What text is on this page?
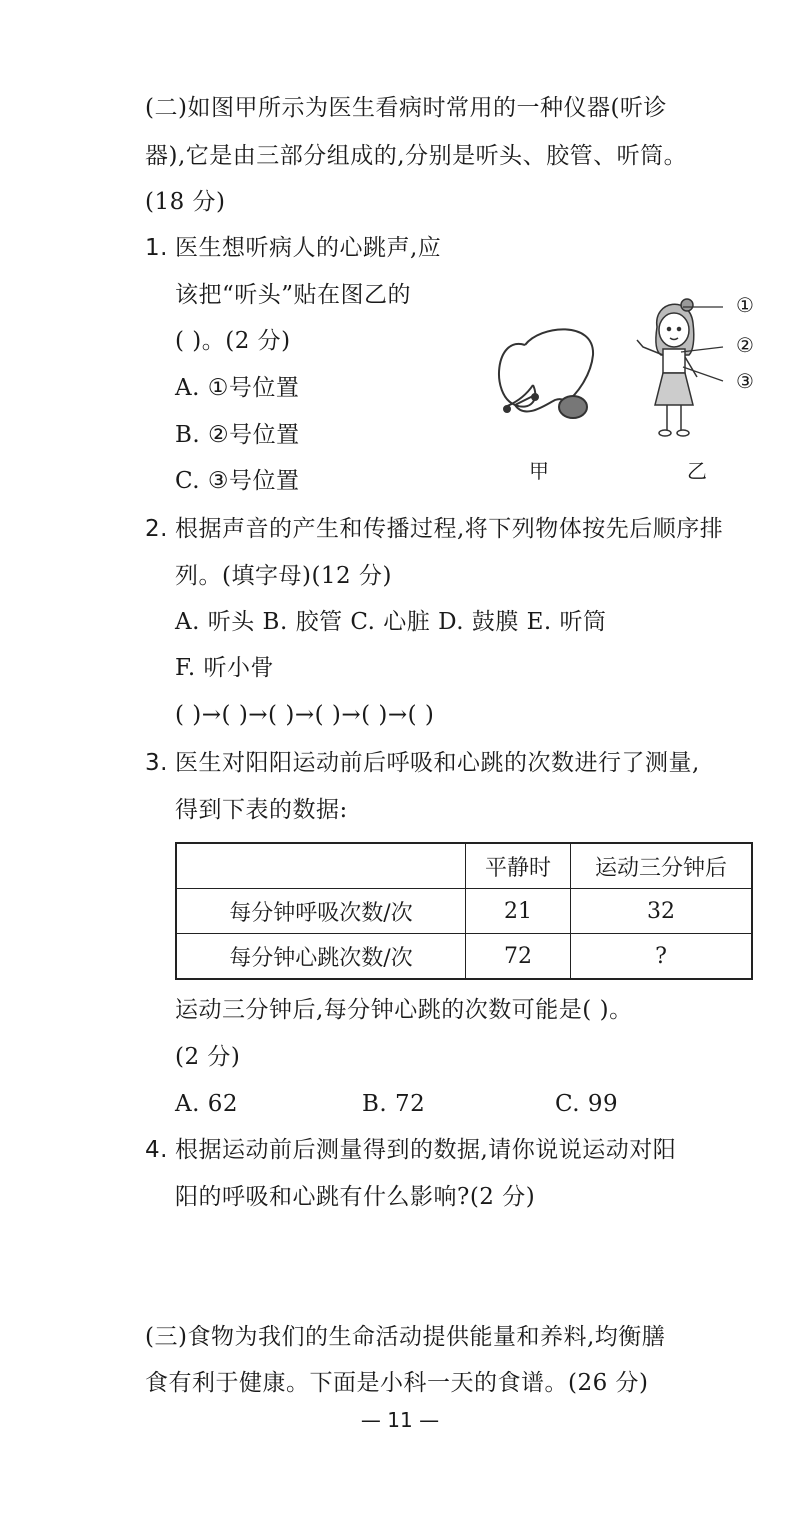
(二)如图甲所示为医生看病时常用的一种仪器(听诊
器),它是由三部分组成的,分别是听头、胶管、听筒。
(18 分)
1. 医生想听病人的心跳声,应
该把“听头”贴在图乙的
( )。(2 分)
A. ①号位置
B. ②号位置
C. ③号位置
①
②
③
甲	乙
2. 根据声音的产生和传播过程,将下列物体按先后顺序排
列。(填字母)(12 分)
A. 听头 B. 胶管 C. 心脏 D. 鼓膜 E. 听筒
F. 听小骨
( )→( )→( )→( )→( )→( )
3. 医生对阳阳运动前后呼吸和心跳的次数进行了测量,
得到下表的数据:
	平静时	运动三分钟后
每分钟呼吸次数/次	21	32
每分钟心跳次数/次	72	?
运动三分钟后,每分钟心跳的次数可能是( )。
(2 分)
A. 62	B. 72	C. 99
4. 根据运动前后测量得到的数据,请你说说运动对阳
阳的呼吸和心跳有什么影响?(2 分)
(三)食物为我们的生命活动提供能量和养料,均衡膳
食有利于健康。下面是小科一天的食谱。(26 分)
— 11 —
